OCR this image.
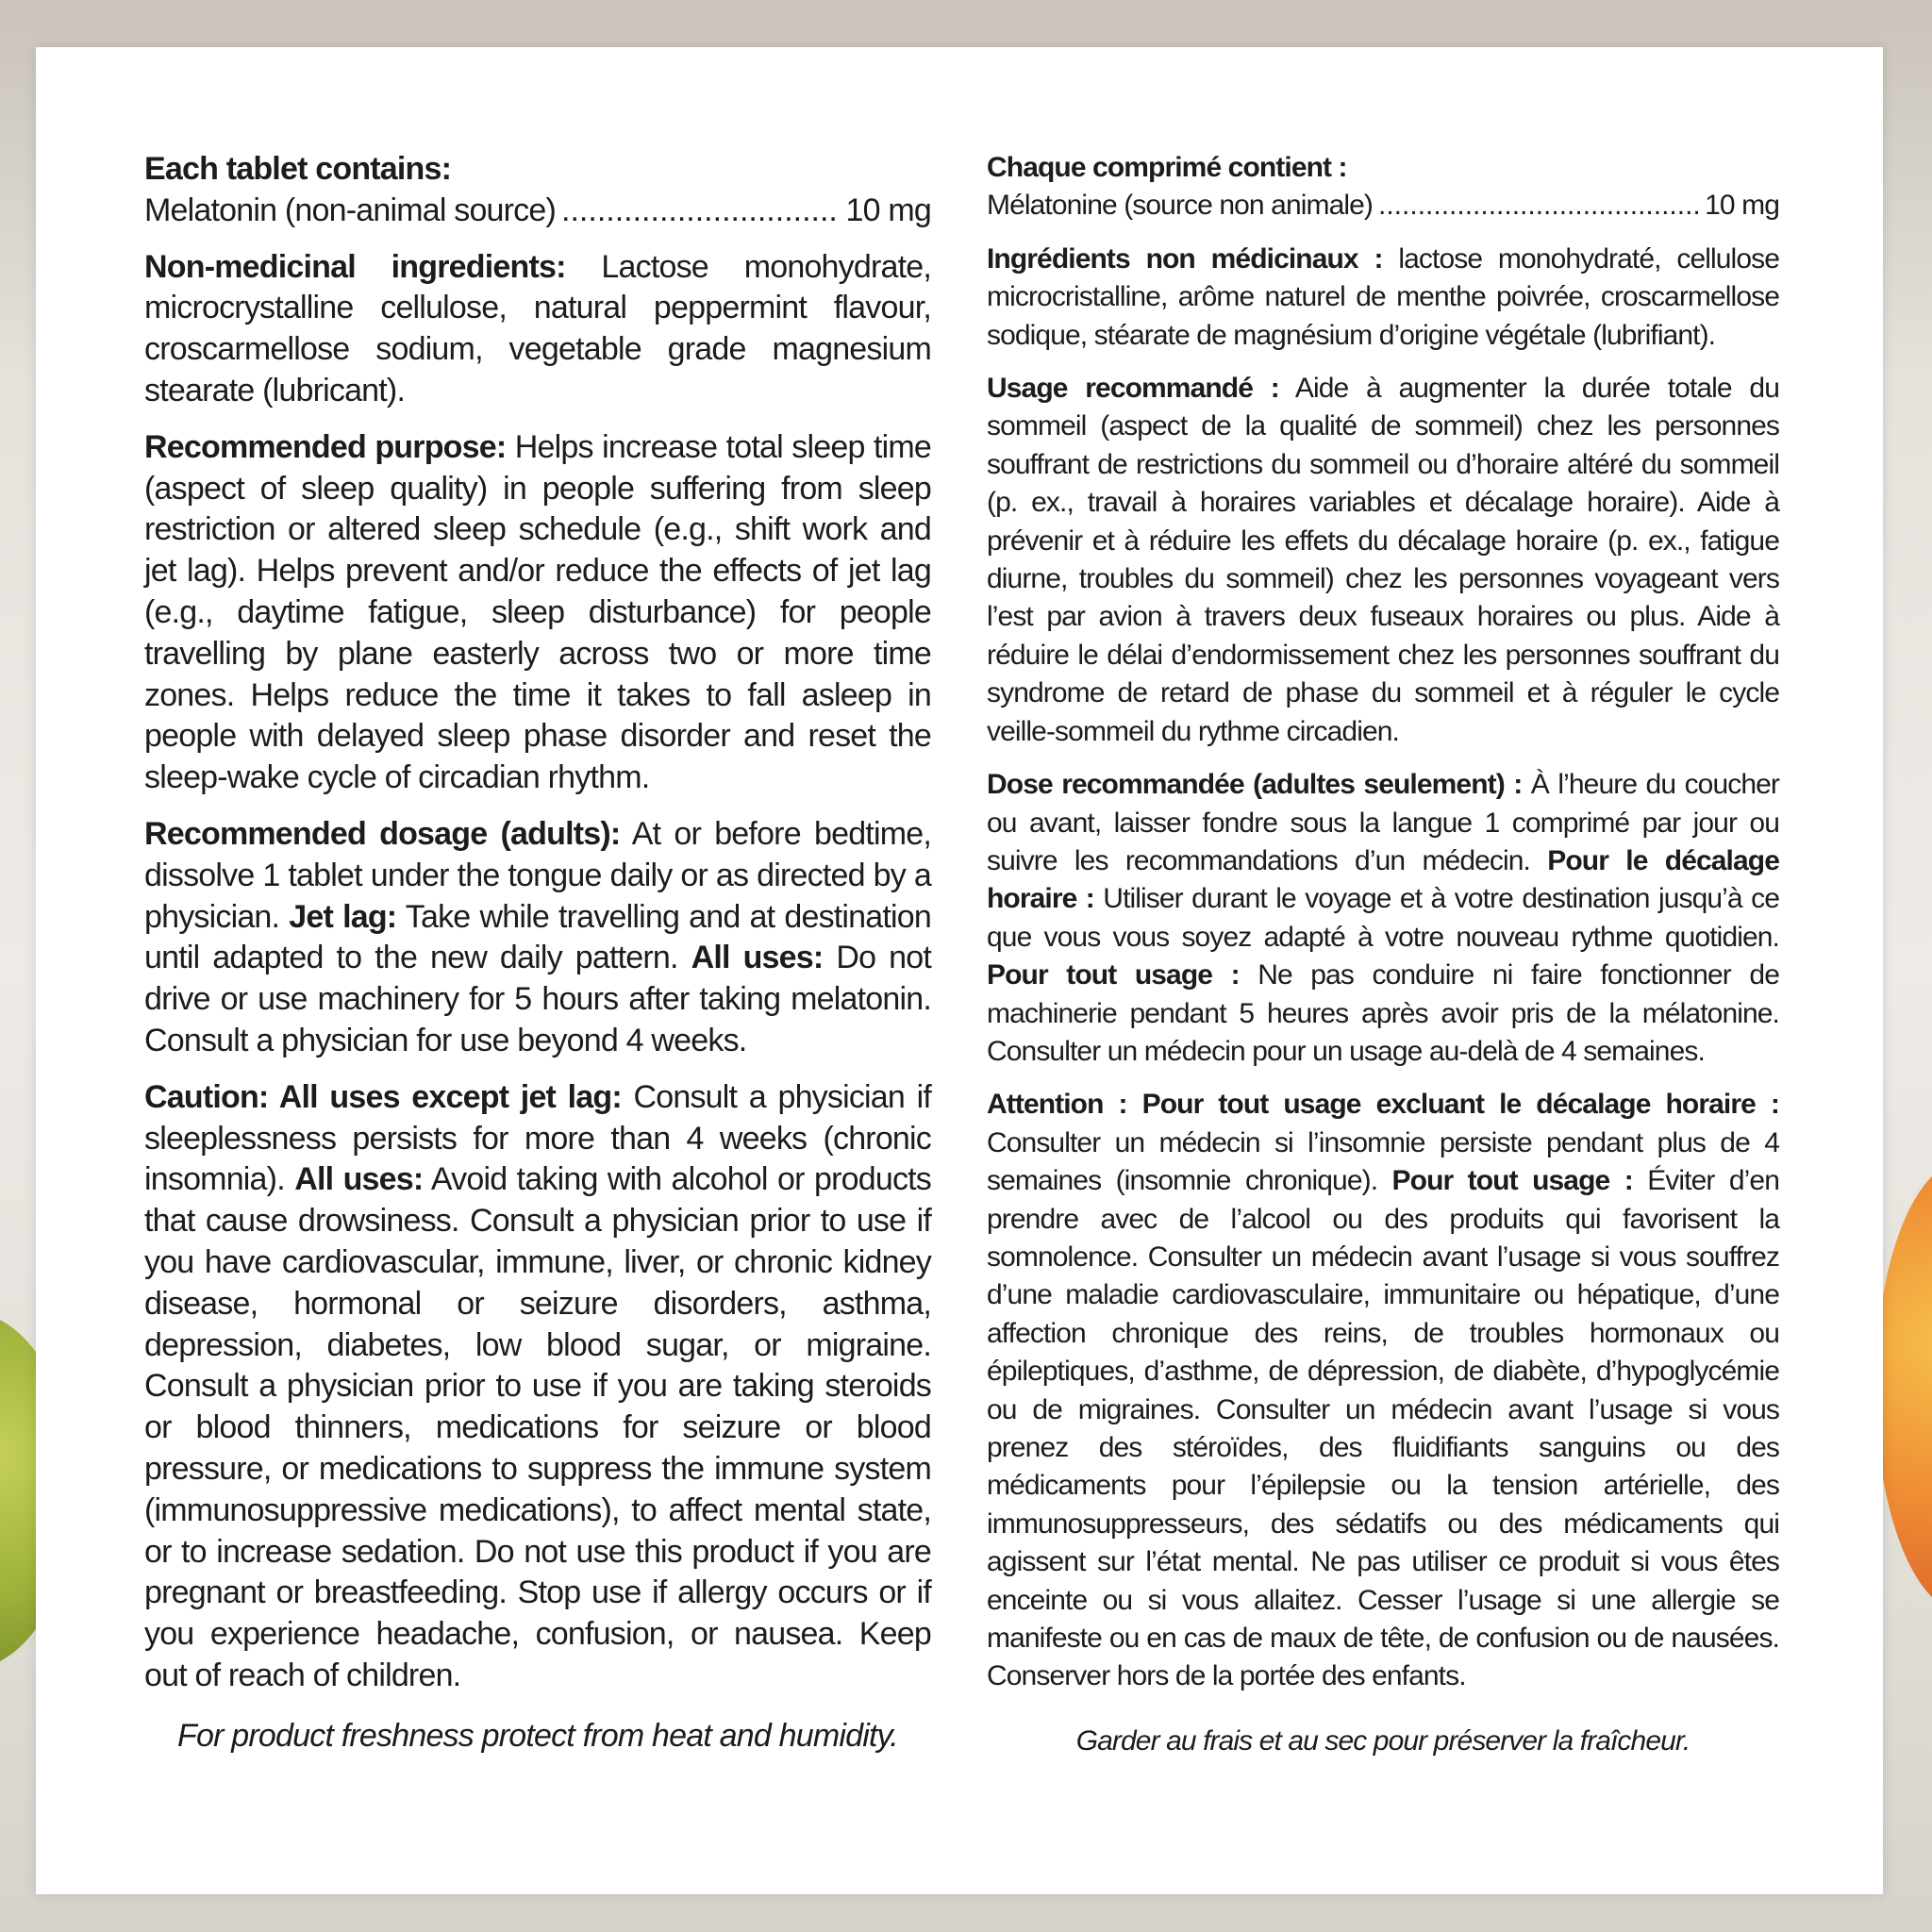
Each tablet contains:

Melatonin (non-animal source) .....	10 mg

Non-medicinal ingredients: Lactose monohydrate, microcrystalline cellulose, natural peppermint flavour, croscarmellose sodium, vegetable grade magnesium stearate (lubricant).

Recommended purpose: Helps increase total sleep time (aspect of sleep quality) in people suffering from sleep restriction or altered sleep schedule (e.g., shift work and jet lag). Helps prevent and/or reduce the effects of jet lag (e.g., daytime fatigue, sleep disturbance) for people travelling by plane easterly across two or more time zones. Helps reduce the time it takes to fall asleep in people with delayed sleep phase disorder and reset the sleep-wake cycle of circadian rhythm.

Recommended dosage (adults): At or before bedtime, dissolve 1 tablet under the tongue daily or as directed by a physician. Jet lag: Take while travelling and at destination until adapted to the new daily pattern. All uses: Do not drive or use machinery for 5 hours after taking melatonin. Consult a physician for use beyond 4 weeks.

Caution: All uses except jet lag: Consult a physician if sleeplessness persists for more than 4 weeks (chronic insomnia). All uses: Avoid taking with alcohol or products that cause drowsiness. Consult a physician prior to use if you have cardiovascular, immune, liver, or chronic kidney disease, hormonal or seizure disorders, asthma, depression, diabetes, low blood sugar, or migraine. Consult a physician prior to use if you are taking steroids or blood thinners, medications for seizure or blood pressure, or medications to suppress the immune system (immunosuppressive medications), to affect mental state, or to increase sedation. Do not use this product if you are pregnant or breastfeeding. Stop use if allergy occurs or if you experience headache, confusion, or nausea. Keep out of reach of children.

For product freshness protect from heat and humidity.

Chaque comprimé contient :

Mélatonine (source non animale) .....	10 mg

Ingrédients non médicinaux : lactose monohydraté, cellulose microcristalline, arôme naturel de menthe poivrée, croscarmellose sodique, stéarate de magnésium d’origine végétale (lubrifiant).

Usage recommandé : Aide à augmenter la durée totale du sommeil (aspect de la qualité de sommeil) chez les personnes souffrant de restrictions du sommeil ou d’horaire altéré du sommeil (p. ex., travail à horaires variables et décalage horaire). Aide à prévenir et à réduire les effets du décalage horaire (p. ex., fatigue diurne, troubles du sommeil) chez les personnes voyageant vers l’est par avion à travers deux fuseaux horaires ou plus. Aide à réduire le délai d’endormissement chez les personnes souffrant du syndrome de retard de phase du sommeil et à réguler le cycle veille-sommeil du rythme circadien.

Dose recommandée (adultes seulement) : À l’heure du coucher ou avant, laisser fondre sous la langue 1 comprimé par jour ou suivre les recommandations d’un médecin. Pour le décalage horaire : Utiliser durant le voyage et à votre destination jusqu’à ce que vous vous soyez adapté à votre nouveau rythme quotidien. Pour tout usage : Ne pas conduire ni faire fonctionner de machinerie pendant 5 heures après avoir pris de la mélatonine. Consulter un médecin pour un usage au-delà de 4 semaines.

Attention : Pour tout usage excluant le décalage horaire : Consulter un médecin si l’insomnie persiste pendant plus de 4 semaines (insomnie chronique). Pour tout usage : Éviter d’en prendre avec de l’alcool ou des produits qui favorisent la somnolence. Consulter un médecin avant l’usage si vous souffrez d’une maladie cardiovasculaire, immunitaire ou hépatique, d’une affection chronique des reins, de troubles hormonaux ou épileptiques, d’asthme, de dépression, de diabète, d’hypoglycémie ou de migraines. Consulter un médecin avant l’usage si vous prenez des stéroïdes, des fluidifiants sanguins ou des médicaments pour l’épilepsie ou la tension artérielle, des immunosuppresseurs, des sédatifs ou des médicaments qui agissent sur l’état mental. Ne pas utiliser ce produit si vous êtes enceinte ou si vous allaitez. Cesser l’usage si une allergie se manifeste ou en cas de maux de tête, de confusion ou de nausées. Conserver hors de la portée des enfants.

Garder au frais et au sec pour préserver la fraîcheur.
